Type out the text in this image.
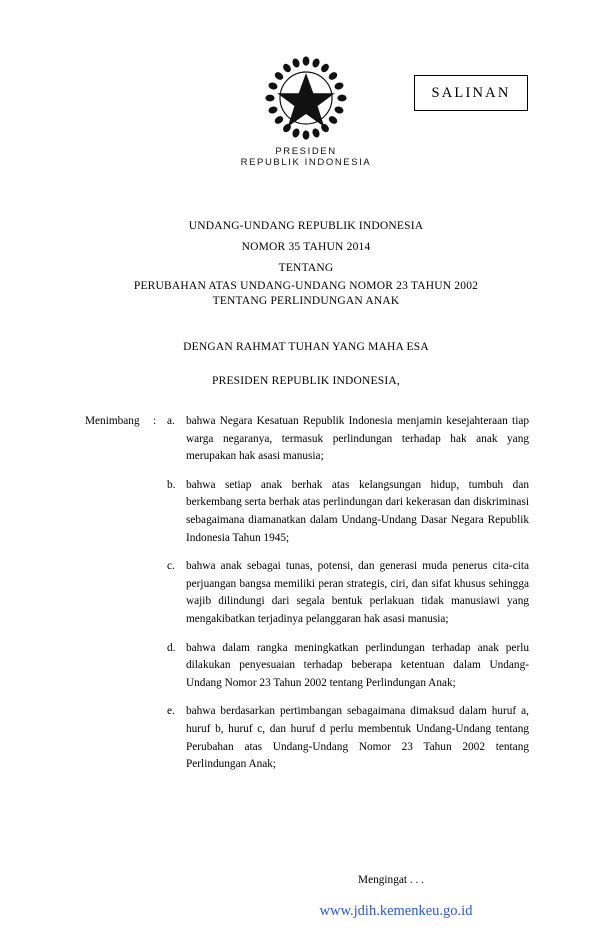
PRESIDEN
REPUBLIK INDONESIA
SALINAN
UNDANG-UNDANG REPUBLIK INDONESIA
NOMOR 35 TAHUN 2014
TENTANG
PERUBAHAN ATAS UNDANG-UNDANG NOMOR 23 TAHUN 2002
TENTANG PERLINDUNGAN ANAK
DENGAN RAHMAT TUHAN YANG MAHA ESA
PRESIDEN REPUBLIK INDONESIA,
Menimbang	: a. bahwa Negara Kesatuan Republik Indonesia menjamin kesejahteraan tiap warga negaranya, termasuk perlindungan terhadap hak anak yang merupakan hak asasi manusia;
b. bahwa setiap anak berhak atas kelangsungan hidup, tumbuh dan berkembang serta berhak atas perlindungan dari kekerasan dan diskriminasi sebagaimana diamanatkan dalam Undang-Undang Dasar Negara Republik Indonesia Tahun 1945;
c. bahwa anak sebagai tunas, potensi, dan generasi muda penerus cita-cita perjuangan bangsa memiliki peran strategis, ciri, dan sifat khusus sehingga wajib dilindungi dari segala bentuk perlakuan tidak manusiawi yang mengakibatkan terjadinya pelanggaran hak asasi manusia;
d. bahwa dalam rangka meningkatkan perlindungan terhadap anak perlu dilakukan penyesuaian terhadap beberapa ketentuan dalam Undang-Undang Nomor 23 Tahun 2002 tentang Perlindungan Anak;
e. bahwa berdasarkan pertimbangan sebagaimana dimaksud dalam huruf a, huruf b, huruf c, dan huruf d perlu membentuk Undang-Undang tentang Perubahan atas Undang-Undang Nomor 23 Tahun 2002 tentang Perlindungan Anak;
Mengingat . . .
www.jdih.kemenkeu.go.id
